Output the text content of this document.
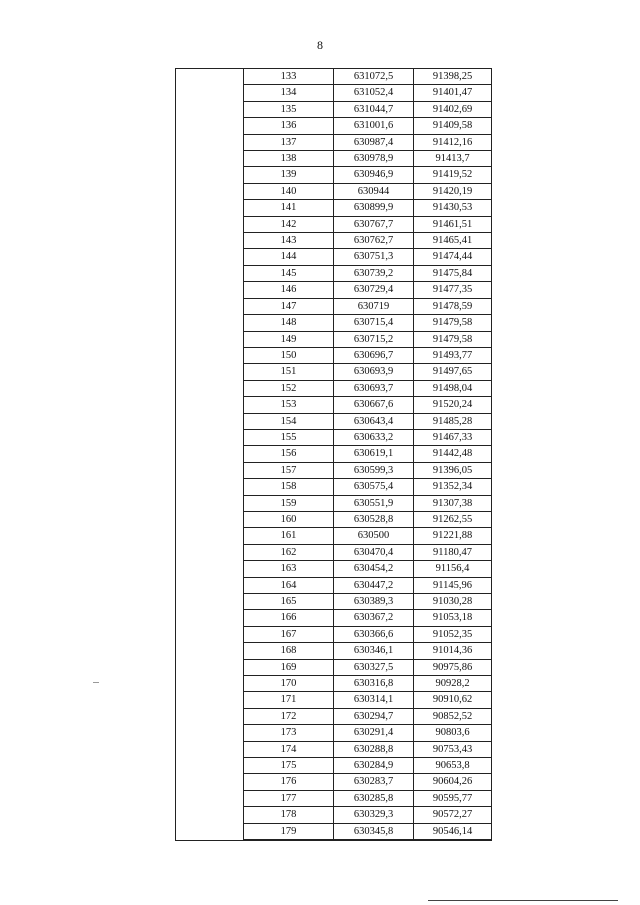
8
	133	631072,5	91398,25
	134	631052,4	91401,47
	135	631044,7	91402,69
	136	631001,6	91409,58
	137	630987,4	91412,16
	138	630978,9	91413,7
	139	630946,9	91419,52
	140	630944	91420,19
	141	630899,9	91430,53
	142	630767,7	91461,51
	143	630762,7	91465,41
	144	630751,3	91474,44
	145	630739,2	91475,84
	146	630729,4	91477,35
	147	630719	91478,59
	148	630715,4	91479,58
	149	630715,2	91479,58
	150	630696,7	91493,77
	151	630693,9	91497,65
	152	630693,7	91498,04
	153	630667,6	91520,24
	154	630643,4	91485,28
	155	630633,2	91467,33
	156	630619,1	91442,48
	157	630599,3	91396,05
	158	630575,4	91352,34
	159	630551,9	91307,38
	160	630528,8	91262,55
	161	630500	91221,88
	162	630470,4	91180,47
	163	630454,2	91156,4
	164	630447,2	91145,96
	165	630389,3	91030,28
	166	630367,2	91053,18
	167	630366,6	91052,35
	168	630346,1	91014,36
	169	630327,5	90975,86
	170	630316,8	90928,2
	171	630314,1	90910,62
	172	630294,7	90852,52
	173	630291,4	90803,6
	174	630288,8	90753,43
	175	630284,9	90653,8
	176	630283,7	90604,26
	177	630285,8	90595,77
	178	630329,3	90572,27
	179	630345,8	90546,14
